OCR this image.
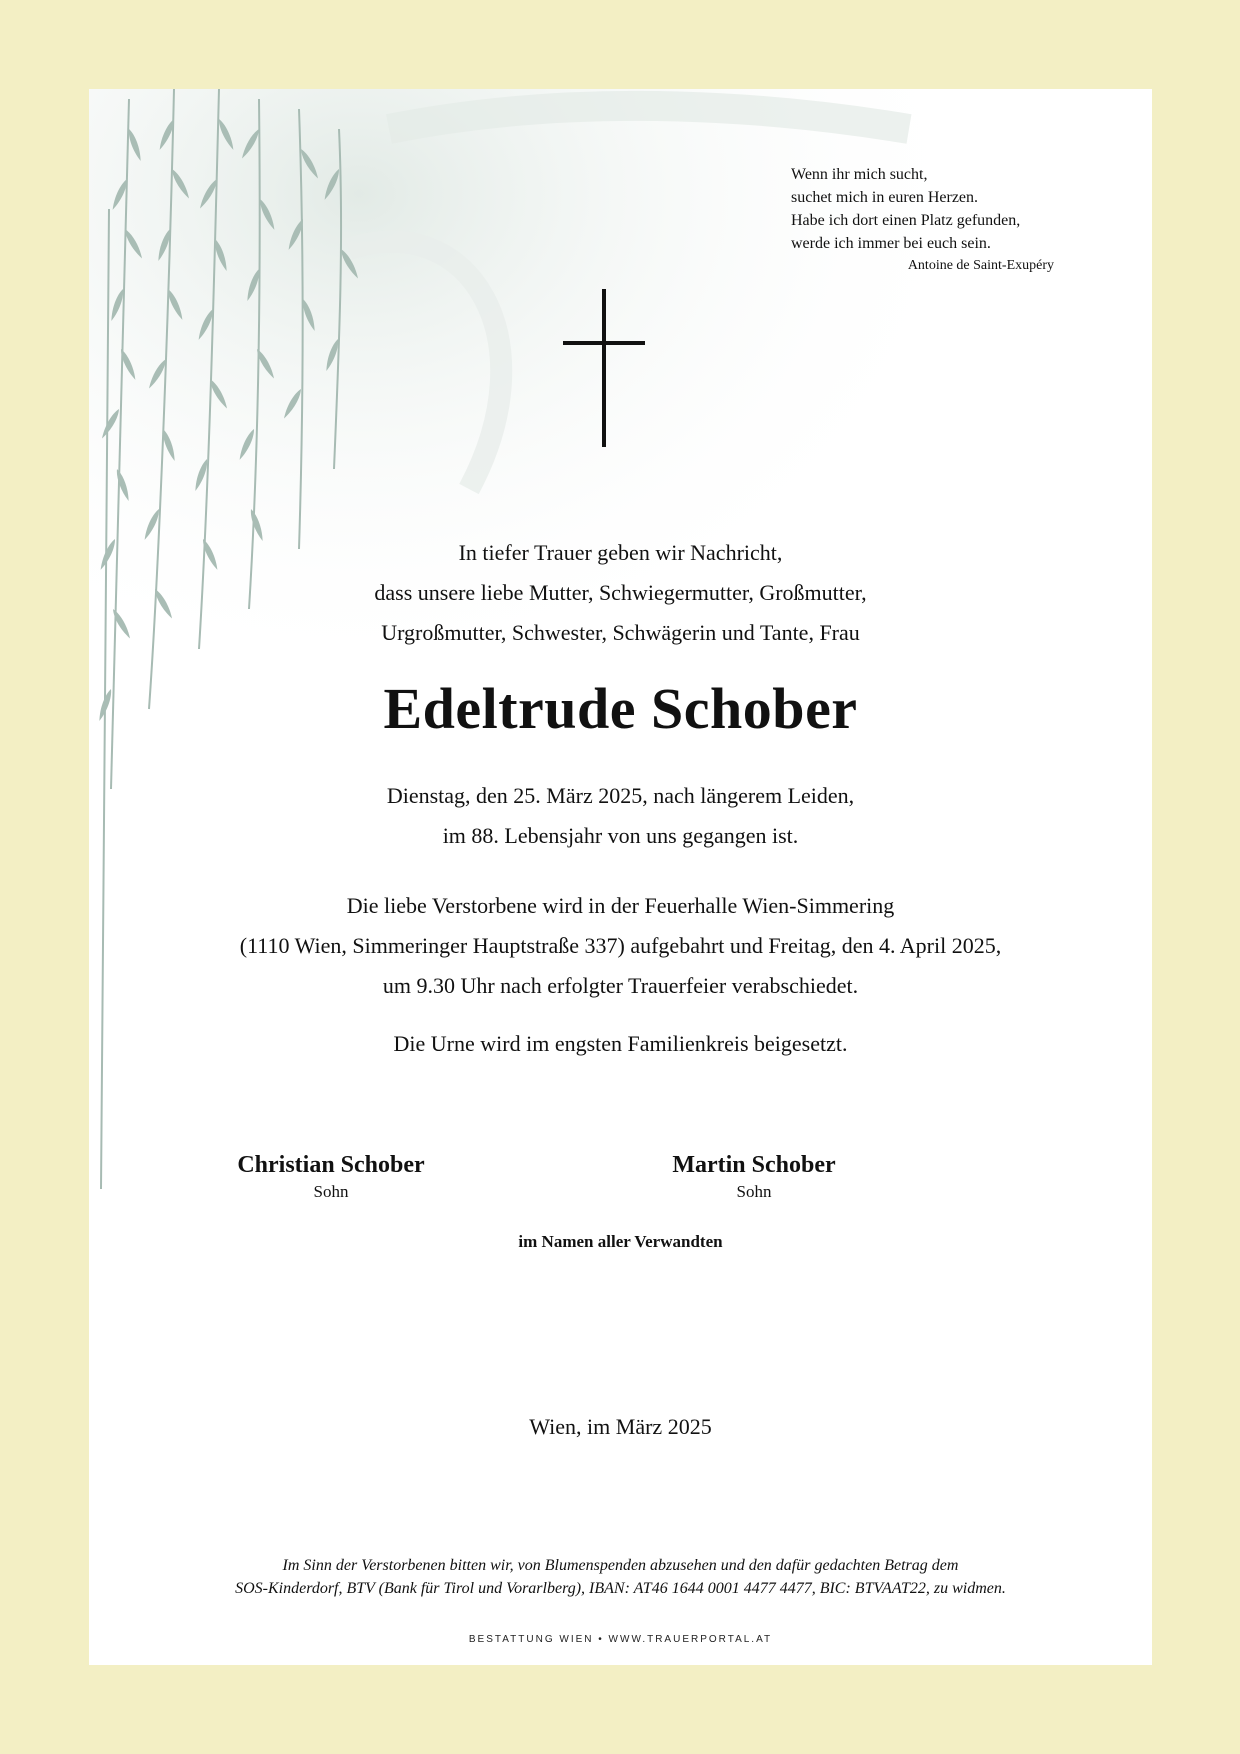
Wenn ihr mich sucht,
suchet mich in euren Herzen.
Habe ich dort einen Platz gefunden,
werde ich immer bei euch sein.
Antoine de Saint-Exupéry
In tiefer Trauer geben wir Nachricht,
dass unsere liebe Mutter, Schwiegermutter, Großmutter,
Urgroßmutter, Schwester, Schwägerin und Tante, Frau
Edeltrude Schober
Dienstag, den 25. März 2025, nach längerem Leiden,
im 88. Lebensjahr von uns gegangen ist.
Die liebe Verstorbene wird in der Feuerhalle Wien-Simmering
(1110 Wien, Simmeringer Hauptstraße 337) aufgebahrt und Freitag, den 4. April 2025,
um 9.30 Uhr nach erfolgter Trauerfeier verabschiedet.
Die Urne wird im engsten Familienkreis beigesetzt.
Christian Schober
Sohn
Martin Schober
Sohn
im Namen aller Verwandten
Wien, im März 2025
Im Sinn der Verstorbenen bitten wir, von Blumenspenden abzusehen und den dafür gedachten Betrag dem
SOS-Kinderdorf, BTV (Bank für Tirol und Vorarlberg), IBAN: AT46 1644 0001 4477 4477, BIC: BTVAAT22, zu widmen.
BESTATTUNG WIEN • WWW.TRAUERPORTAL.AT
